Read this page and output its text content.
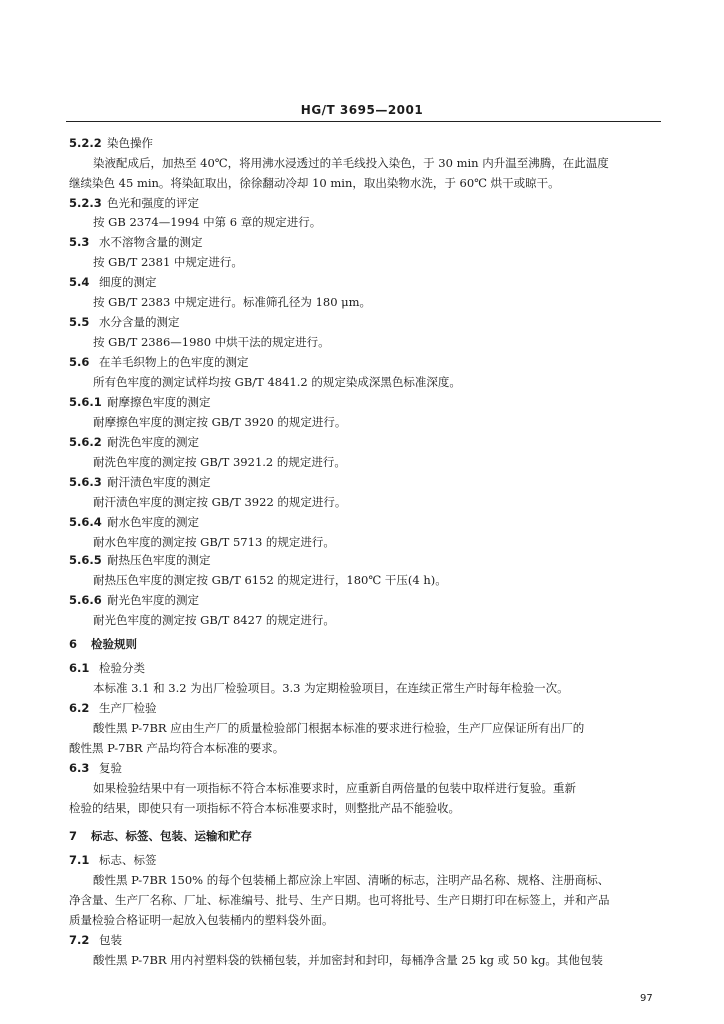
HG/T 3695—2001
5.2.2 染色操作
染液配成后，加热至 40℃，将用沸水浸透过的羊毛线投入染色，于 30 min 内升温至沸腾，在此温度
继续染色 45 min。将染缸取出，徐徐翻动冷却 10 min，取出染物水洗，于 60℃ 烘干或晾干。
5.2.3 色光和强度的评定
按 GB 2374—1994 中第 6 章的规定进行。
5.3 水不溶物含量的测定
按 GB/T 2381 中规定进行。
5.4 细度的测定
按 GB/T 2383 中规定进行。标准筛孔径为 180 μm。
5.5 水分含量的测定
按 GB/T 2386—1980 中烘干法的规定进行。
5.6 在羊毛织物上的色牢度的测定
所有色牢度的测定试样均按 GB/T 4841.2 的规定染成深黑色标准深度。
5.6.1 耐摩擦色牢度的测定
耐摩擦色牢度的测定按 GB/T 3920 的规定进行。
5.6.2 耐洗色牢度的测定
耐洗色牢度的测定按 GB/T 3921.2 的规定进行。
5.6.3 耐汗渍色牢度的测定
耐汗渍色牢度的测定按 GB/T 3922 的规定进行。
5.6.4 耐水色牢度的测定
耐水色牢度的测定按 GB/T 5713 的规定进行。
5.6.5 耐热压色牢度的测定
耐热压色牢度的测定按 GB/T 6152 的规定进行，180℃ 干压(4 h)。
5.6.6 耐光色牢度的测定
耐光色牢度的测定按 GB/T 8427 的规定进行。
6 检验规则
6.1 检验分类
本标准 3.1 和 3.2 为出厂检验项目。3.3 为定期检验项目，在连续正常生产时每年检验一次。
6.2 生产厂检验
酸性黑 P-7BR 应由生产厂的质量检验部门根据本标准的要求进行检验，生产厂应保证所有出厂的
酸性黑 P-7BR 产品均符合本标准的要求。
6.3 复验
如果检验结果中有一项指标不符合本标准要求时，应重新自两倍量的包装中取样进行复验。重新
检验的结果，即使只有一项指标不符合本标准要求时，则整批产品不能验收。
7 标志、标签、包装、运输和贮存
7.1 标志、标签
酸性黑 P-7BR 150% 的每个包装桶上都应涂上牢固、清晰的标志，注明产品名称、规格、注册商标、
净含量、生产厂名称、厂址、标准编号、批号、生产日期。也可将批号、生产日期打印在标签上，并和产品
质量检验合格证明一起放入包装桶内的塑料袋外面。
7.2 包装
酸性黑 P-7BR 用内衬塑料袋的铁桶包装，并加密封和封印，每桶净含量 25 kg 或 50 kg。其他包装
97
